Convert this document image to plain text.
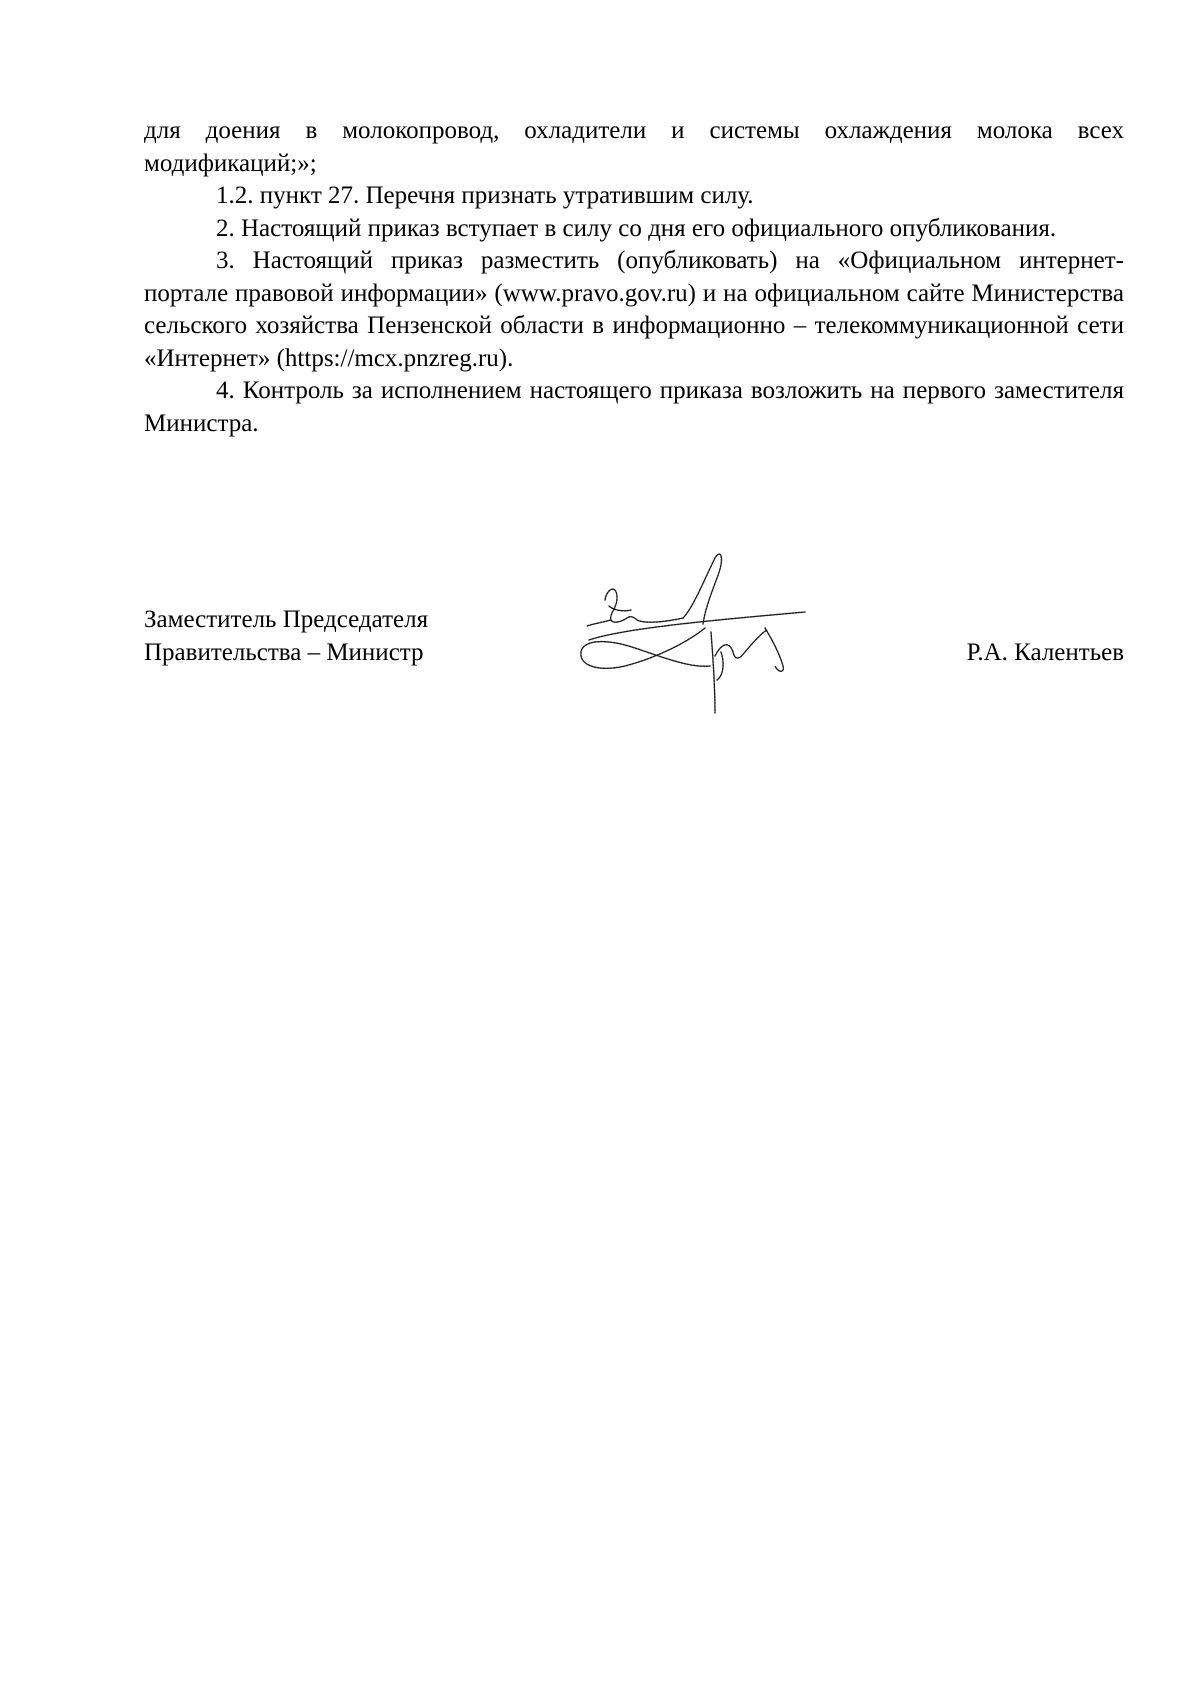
для доения в молокопровод, охладители и системы охлаждения молока всех модификаций;»;

1.2. пункт 27. Перечня признать утратившим силу.

2. Настоящий приказ вступает в силу со дня его официального опубликования.

3. Настоящий приказ разместить (опубликовать) на «Официальном интернет-портале правовой информации» (www.pravo.gov.ru) и на официальном сайте Министерства сельского хозяйства Пензенской области в информационно – телекоммуникационной сети «Интернет» (https://mcx.pnzreg.ru).

4. Контроль за исполнением настоящего приказа возложить на первого заместителя Министра.

Заместитель Председателя
Правительства – Министр	Р.А. Калентьев
